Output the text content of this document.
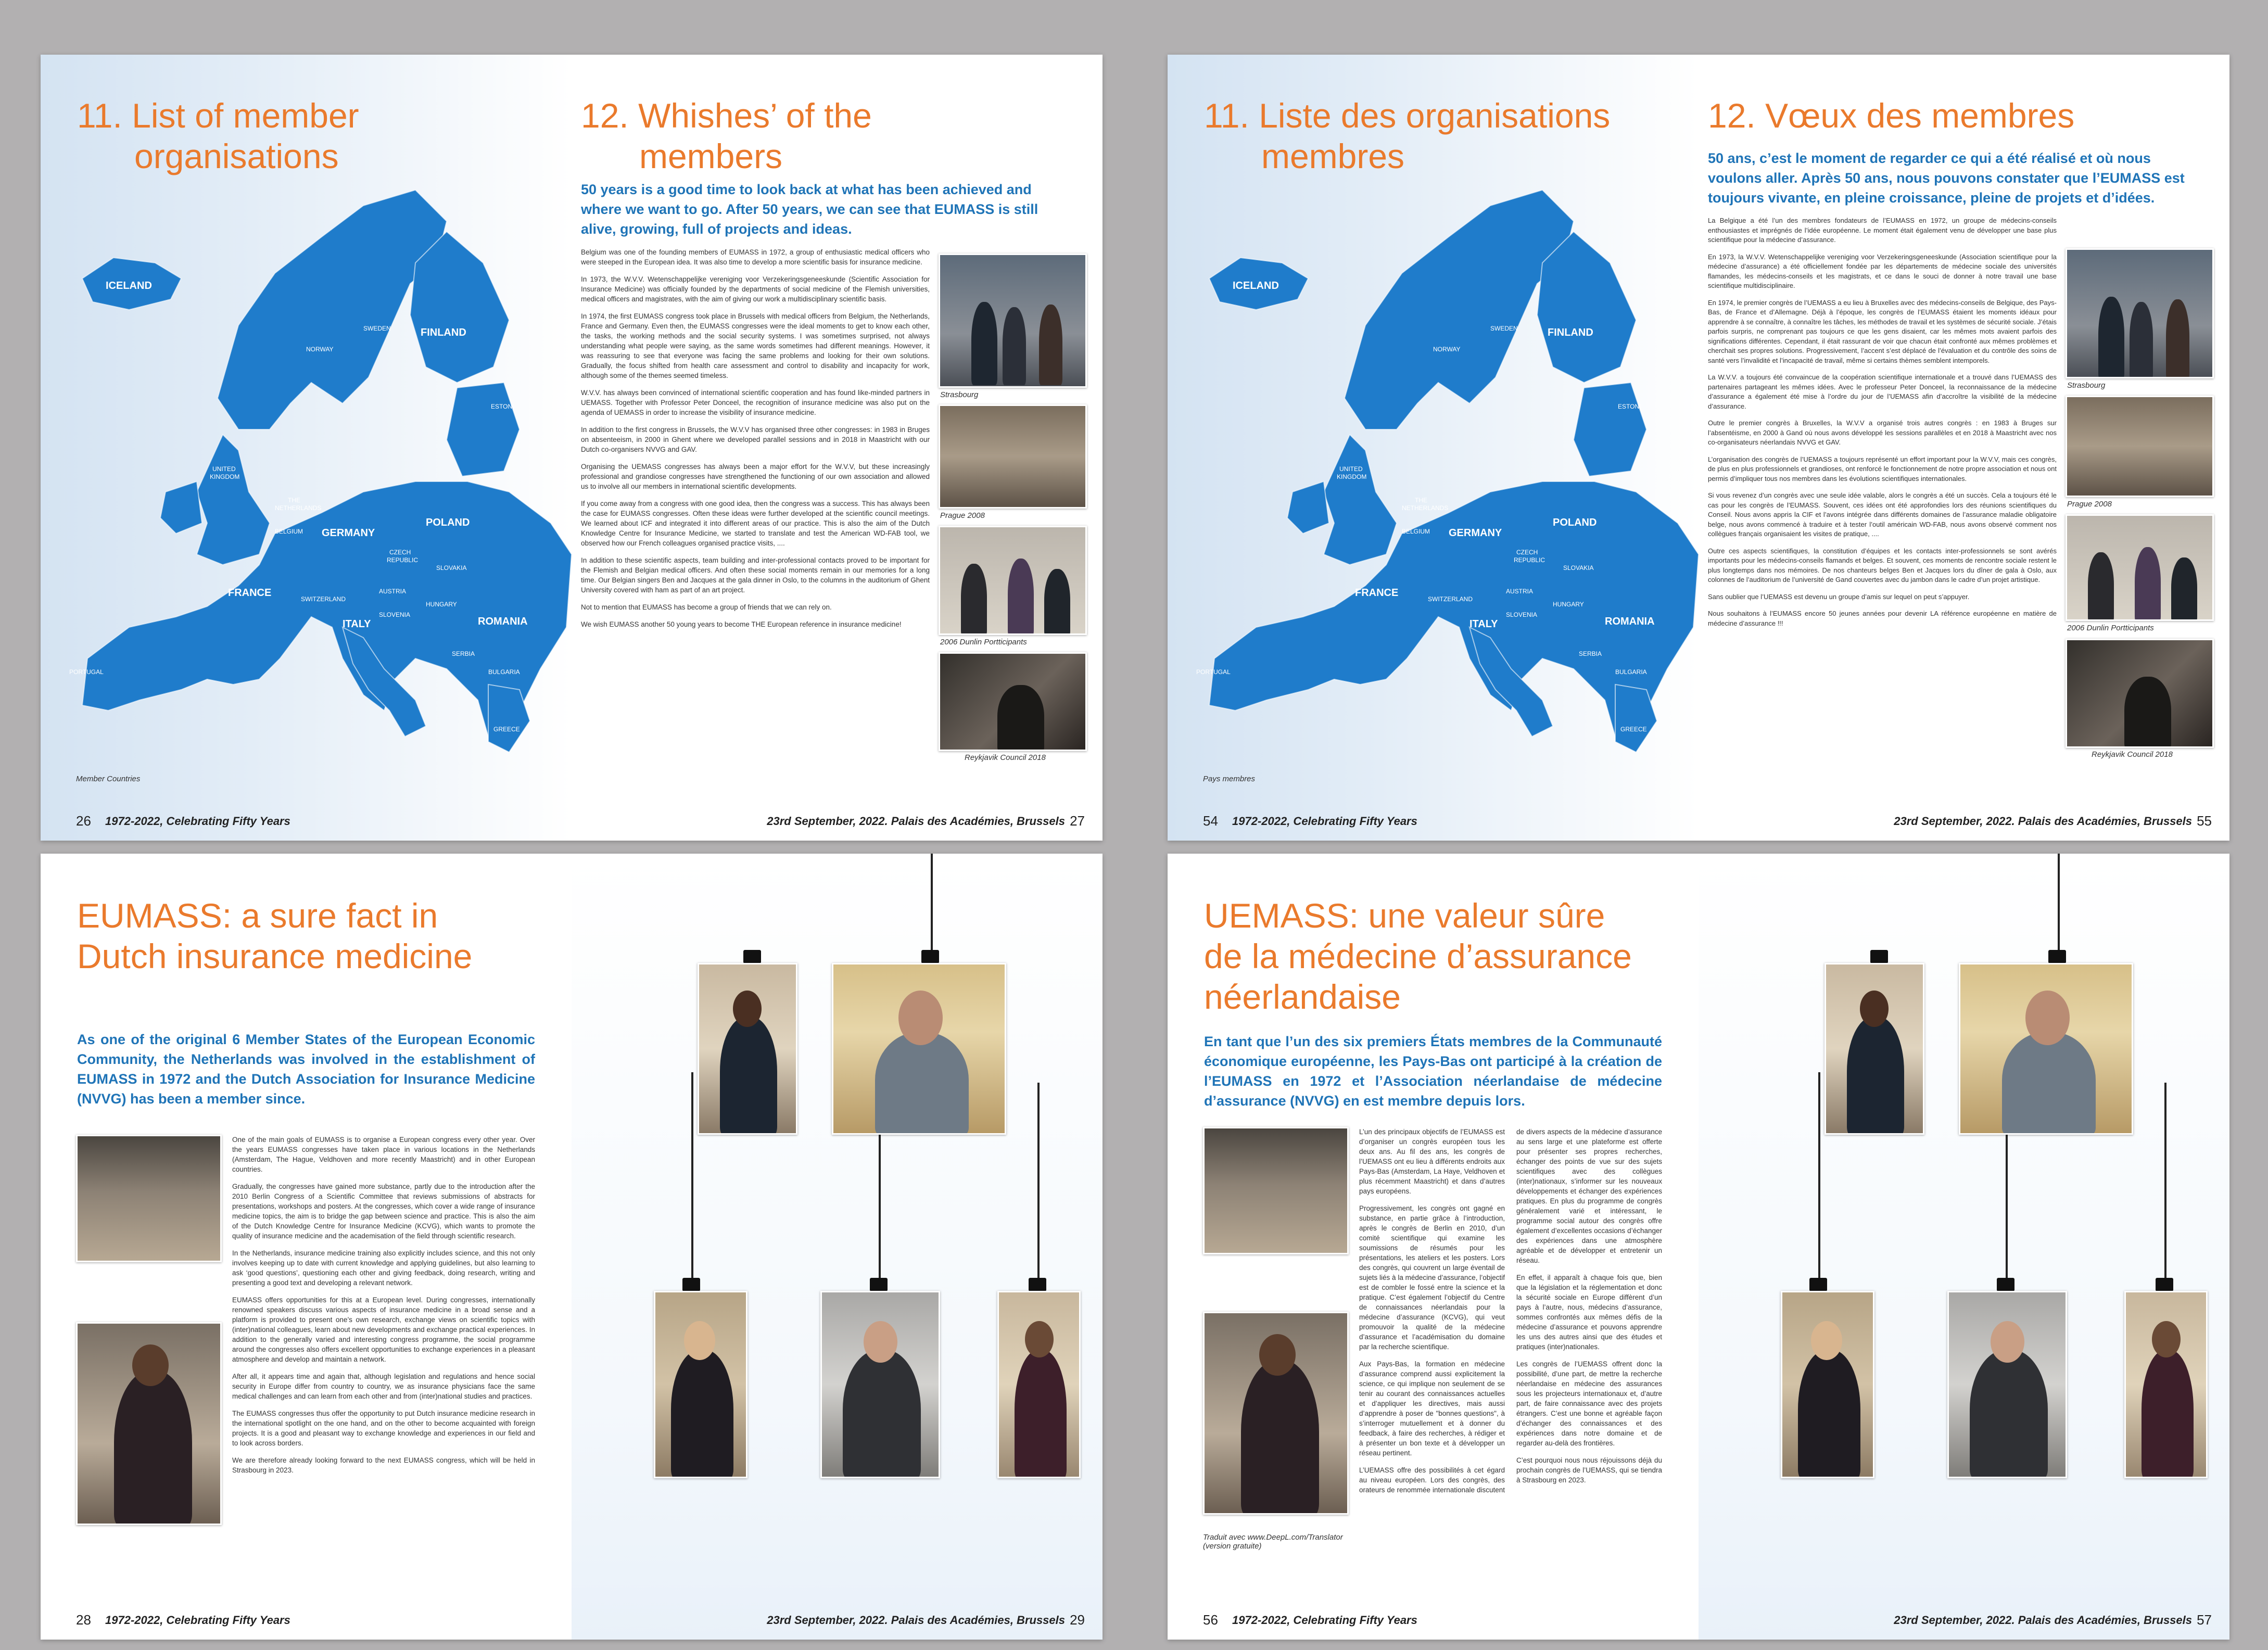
11. List of member
organisations
ICELAND
NORWAY
SWEDEN	FINLAND
ESTONI
UNITED
KINGDOM
THE
NETHERLANDS
BELGIUM GERMANY
POLAND
CZECH
REPUBLIC
SLOVAKIA
AUSTRIA
SWITZERLAND
SLOVENIA
HUNGARY
ROMANIA
FRANCE
ITALY
SERBIA
BULGARIA
PORTUGAL
GREECE
Member Countries
26 1972-2022, Celebrating Fifty Years
12. Whishes’ of the
members
50 years is a good time to look back at what has been achieved and where we want to go. After 50 years, we can see that EUMASS is still alive, growing, full of projects and ideas.

Belgium was one of the founding members of EUMASS in 1972, a group of enthusiastic medical officers who were steeped in the European idea. It was also time to develop a more scientific basis for insurance medicine.

In 1973, the W.V.V. Wetenschappelijke vereniging voor Verzekeringsgeneeskunde (Scientific Association for Insurance Medicine) was officially founded by the departments of social medicine of the Flemish universities, medical officers and magistrates, with the aim of giving our work a multidisciplinary scientific basis.

In 1974, the first EUMASS congress took place in Brussels with medical officers from Belgium, the Netherlands, France and Germany. Even then, the EUMASS congresses were the ideal moments to get to know each other, the tasks, the working methods and the social security systems. I was sometimes surprised, not always understanding what people were saying, as the same words sometimes had different meanings. However, it was reassuring to see that everyone was facing the same problems and looking for their own solutions. Gradually, the focus shifted from health care assessment and control to disability and incapacity for work, although some of the themes seemed timeless.

W.V.V. has always been convinced of international scientific cooperation and has found like-minded partners in UEMASS. Together with Professor Peter Donceel, the recognition of insurance medicine was also put on the agenda of UEMASS in order to increase the visibility of insurance medicine.

In addition to the first congress in Brussels, the W.V.V has organised three other congresses: in 1983 in Bruges on absenteeism, in 2000 in Ghent where we developed parallel sessions and in 2018 in Maastricht with our Dutch co-organisers NVVG and GAV.

Organising the UEMASS congresses has always been a major effort for the W.V.V, but these increasingly professional and grandiose congresses have strengthened the functioning of our own association and allowed us to involve all our members in international scientific developments.

If you come away from a congress with one good idea, then the congress was a success. This has always been the case for EUMASS congresses. Often these ideas were further developed at the scientific council meetings. We learned about ICF and integrated it into different areas of our practice. This is also the aim of the Dutch Knowledge Centre for Insurance Medicine, we started to translate and test the American WD-FAB tool, we observed how our French colleagues organised practice visits, ....

In addition to these scientific aspects, team building and inter-professional contacts proved to be important for the Flemish and Belgian medical officers. And often these social moments remain in our memories for a long time. Our Belgian singers Ben and Jacques at the gala dinner in Oslo, to the columns in the auditorium of Ghent University covered with ham as part of an art project.

Not to mention that EUMASS has become a group of friends that we can rely on.

We wish EUMASS another 50 young years to become THE European reference in insurance medicine!

Strasbourg
Prague 2008
2006 Dunlin Portticipants
Reykjavik Council 2018
23rd September, 2022. Palais des Académies, Brussels 27
11. Liste des organisations
membres
ICELAND
NORWAY
SWEDEN	FINLAND
ESTONI
UNITED
KINGDOM
THE
NETHERLANDS
BELGIUM GERMANY
POLAND
CZECH
REPUBLIC
SLOVAKIA
AUSTRIA
SWITZERLAND
SLOVENIA
HUNGARY
ROMANIA
FRANCE
ITALY
SERBIA
BULGARIA
PORTUGAL
GREECE
Pays membres
54 1972-2022, Celebrating Fifty Years
12. Vœux des membres
50 ans, c’est le moment de regarder ce qui a été réalisé et où nous voulons aller. Après 50 ans, nous pouvons constater que l’EUMASS est toujours vivante, en pleine croissance, pleine de projets et d’idées.

La Belgique a été l’un des membres fondateurs de l’EUMASS en 1972, un groupe de médecins-conseils enthousiastes et imprégnés de l’idée européenne. Le moment était également venu de développer une base plus scientifique pour la médecine d’assurance.

En 1973, la W.V.V. Wetenschappelijke vereniging voor Verzekeringsgeneeskunde (Association scientifique pour la médecine d’assurance) a été officiellement fondée par les départements de médecine sociale des universités flamandes, les médecins-conseils et les magistrats, et ce dans le souci de donner à notre travail une base scientifique multidisciplinaire.

En 1974, le premier congrès de l’UEMASS a eu lieu à Bruxelles avec des médecins-conseils de Belgique, des Pays-Bas, de France et d’Allemagne. Déjà à l’époque, les congrès de l’EUMASS étaient les moments idéaux pour apprendre à se connaître, à connaître les tâches, les méthodes de travail et les systèmes de sécurité sociale. J’étais parfois surpris, ne comprenant pas toujours ce que les gens disaient, car les mêmes mots avaient parfois des significations différentes. Cependant, il était rassurant de voir que chacun était confronté aux mêmes problèmes et cherchait ses propres solutions. Progressivement, l’accent s’est déplacé de l’évaluation et du contrôle des soins de santé vers l’invalidité et l’incapacité de travail, même si certains thèmes semblent intemporels.

La W.V.V. a toujours été convaincue de la coopération scientifique internationale et a trouvé dans l’UEMASS des partenaires partageant les mêmes idées. Avec le professeur Peter Donceel, la reconnaissance de la médecine d’assurance a également été mise à l’ordre du jour de l’UEMASS afin d’accroître la visibilité de la médecine d’assurance.

Outre le premier congrès à Bruxelles, la W.V.V a organisé trois autres congrès : en 1983 à Bruges sur l’absentéisme, en 2000 à Gand où nous avons développé les sessions parallèles et en 2018 à Maastricht avec nos co-organisateurs néerlandais NVVG et GAV.

L’organisation des congrès de l’UEMASS a toujours représenté un effort important pour la W.V.V, mais ces congrès, de plus en plus professionnels et grandioses, ont renforcé le fonctionnement de notre propre association et nous ont permis d’impliquer tous nos membres dans les évolutions scientifiques internationales.

Si vous revenez d’un congrès avec une seule idée valable, alors le congrès a été un succès. Cela a toujours été le cas pour les congrès de l’EUMASS. Souvent, ces idées ont été approfondies lors des réunions scientifiques du Conseil. Nous avons appris la CIF et l’avons intégrée dans différents domaines de l’assurance maladie obligatoire belge, nous avons commencé à traduire et à tester l’outil américain WD-FAB, nous avons observé comment nos collègues français organisaient les visites de pratique, ....

Outre ces aspects scientifiques, la constitution d’équipes et les contacts inter-professionnels se sont avérés importants pour les médecins-conseils flamands et belges. Et souvent, ces moments de rencontre sociale restent le plus longtemps dans nos mémoires. De nos chanteurs belges Ben et Jacques lors du dîner de gala à Oslo, aux colonnes de l’auditorium de l’université de Gand couvertes avec du jambon dans le cadre d’un projet artistique.

Sans oublier que l’UEMASS est devenu un groupe d’amis sur lequel on peut s’appuyer.

Nous souhaitons à l’EUMASS encore 50 jeunes années pour devenir LA référence européenne en matière de médecine d’assurance !!!

Strasbourg
Prague 2008
2006 Dunlin Portticipants
Reykjavik Council 2018
23rd September, 2022. Palais des Académies, Brussels 55
EUMASS: a sure fact in
Dutch insurance medicine
As one of the original 6 Member States of the European Economic Community, the Netherlands was involved in the establishment of EUMASS in 1972 and the Dutch Association for Insurance Medicine (NVVG) has been a member since.

One of the main goals of EUMASS is to organise a European congress every other year. Over the years EUMASS congresses have taken place in various locations in the Netherlands (Amsterdam, The Hague, Veldhoven and more recently Maastricht) and in other European countries.

Gradually, the congresses have gained more substance, partly due to the introduction after the 2010 Berlin Congress of a Scientific Committee that reviews submissions of abstracts for presentations, workshops and posters. At the congresses, which cover a wide range of insurance medicine topics, the aim is to bridge the gap between science and practice. This is also the aim of the Dutch Knowledge Centre for Insurance Medicine (KCVG), which wants to promote the quality of insurance medicine and the academisation of the field through scientific research.

In the Netherlands, insurance medicine training also explicitly includes science, and this not only involves keeping up to date with current knowledge and applying guidelines, but also learning to ask ‘good questions’, questioning each other and giving feedback, doing research, writing and presenting a good text and developing a relevant network.

EUMASS offers opportunities for this at a European level. During congresses, internationally renowned speakers discuss various aspects of insurance medicine in a broad sense and a platform is provided to present one’s own research, exchange views on scientific topics with (inter)national colleagues, learn about new developments and exchange practical experiences. In addition to the generally varied and interesting congress programme, the social programme around the congresses also offers excellent opportunities to exchange experiences in a pleasant atmosphere and develop and maintain a network.

After all, it appears time and again that, although legislation and regulations and hence social security in Europe differ from country to country, we as insurance physicians face the same medical challenges and can learn from each other and from (inter)national studies and practices.

The EUMASS congresses thus offer the opportunity to put Dutch insurance medicine research in the international spotlight on the one hand, and on the other to become acquainted with foreign projects. It is a good and pleasant way to exchange knowledge and experiences in our field and to look across borders.

We are therefore already looking forward to the next EUMASS congress, which will be held in Strasbourg in 2023.

28 1972-2022, Celebrating Fifty Years	23rd September, 2022. Palais des Académies, Brussels 29
UEMASS: une valeur sûre
de la médecine d’assurance
néerlandaise
En tant que l’un des six premiers États membres de la Communauté économique européenne, les Pays-Bas ont participé à la création de l’EUMASS en 1972 et l’Association néerlandaise de médecine d’assurance (NVVG) en est membre depuis lors.
Traduit avec www.DeepL.com/Translator (version gratuite)

L’un des principaux objectifs de l’EUMASS est d’organiser un congrès européen tous les deux ans. Au fil des ans, les congrès de l’UEMASS ont eu lieu à différents endroits aux Pays-Bas (Amsterdam, La Haye, Veldhoven et plus récemment Maastricht) et dans d’autres pays européens.

Progressivement, les congrès ont gagné en substance, en partie grâce à l’introduction, après le congrès de Berlin en 2010, d’un comité scientifique qui examine les soumissions de résumés pour les présentations, les ateliers et les posters. Lors des congrès, qui couvrent un large éventail de sujets liés à la médecine d’assurance, l’objectif est de combler le fossé entre la science et la pratique. C’est également l’objectif du Centre de connaissances néerlandais pour la médecine d’assurance (KCVG), qui veut promouvoir la qualité de la médecine d’assurance et l’académisation du domaine par la recherche scientifique.

Aux Pays-Bas, la formation en médecine d’assurance comprend aussi explicitement la science, ce qui implique non seulement de se tenir au courant des connaissances actuelles et d’appliquer les directives, mais aussi d’apprendre à poser de "bonnes questions", à s’interroger mutuellement et à donner du feedback, à faire des recherches, à rédiger et à présenter un bon texte et à développer un réseau pertinent.

L’UEMASS offre des possibilités à cet égard au niveau européen. Lors des congrès, des orateurs de renommée internationale discutent de divers aspects de la médecine d’assurance au sens large et une plateforme est offerte pour présenter ses propres recherches, échanger des points de vue sur des sujets scientifiques avec des collègues (inter)nationaux, s’informer sur les nouveaux développements et échanger des expériences pratiques. En plus du programme de congrès généralement varié et intéressant, le programme social autour des congrès offre également d’excellentes occasions d’échanger des expériences dans une atmosphère agréable et de développer et entretenir un réseau.

En effet, il apparaît à chaque fois que, bien que la législation et la réglementation et donc la sécurité sociale en Europe diffèrent d’un pays à l’autre, nous, médecins d’assurance, sommes confrontés aux mêmes défis de la médecine d’assurance et pouvons apprendre les uns des autres ainsi que des études et pratiques (inter)nationales.

Les congrès de l’UEMASS offrent donc la possibilité, d’une part, de mettre la recherche néerlandaise en médecine des assurances sous les projecteurs internationaux et, d’autre part, de faire connaissance avec des projets étrangers. C’est une bonne et agréable façon d’échanger des connaissances et des expériences dans notre domaine et de regarder au-delà des frontières.

C’est pourquoi nous nous réjouissons déjà du prochain congrès de l’UEMASS, qui se tiendra à Strasbourg en 2023.

56 1972-2022, Celebrating Fifty Years	23rd September, 2022. Palais des Académies, Brussels 57
